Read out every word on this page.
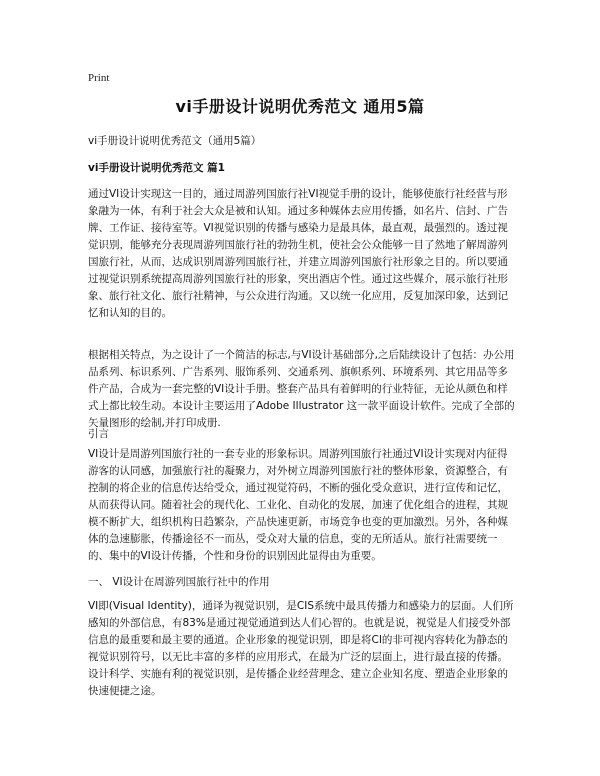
Print
vi手册设计说明优秀范文 通用5篇
vi手册设计说明优秀范文（通用5篇）
vi手册设计说明优秀范文 篇1
通过VI设计实现这一目的，通过周游列国旅行社VI视觉手册的设计，能够使旅行社经营与形象融为一体，有利于社会大众是被和认知。通过多种媒体去应用传播，如名片、信封、广告牌、工作证、接待室等。VI视觉识别的传播与感染力是最具体，最直观，最强烈的。透过视觉识别，能够充分表现周游列国旅行社的勃勃生机，使社会公众能够一目了然地了解周游列国旅行社，从而，达成识别周游列国旅行社，并建立周游列国旅行社形象之目的。所以要通过视觉识别系统提高周游列国旅行社的形象，突出酒店个性。通过这些媒介，展示旅行社形象、旅行社文化、旅行社精神，与公众进行沟通。又以统一化应用，反复加深印象，达到记忆和认知的目的。
根据相关特点，为之设计了一个简洁的标志,与VI设计基础部分,之后陆续设计了包括：办公用品系列、标识系列、广告系列、服饰系列、交通系列、旗帜系列、环境系列、其它用品等多件产品，合成为一套完整的VI设计手册。整套产品具有着鲜明的行业特征，无论从颜色和样式上都比较生动。本设计主要运用了Adobe Illustrator 这一款平面设计软件。完成了全部的矢量图形的绘制,并打印成册.
引言
VI设计是周游列国旅行社的一套专业的形象标识。周游列国旅行社通过VI设计实现对内征得游客的认同感，加强旅行社的凝聚力，对外树立周游列国旅行社的整体形象，资源整合，有控制的将企业的信息传达给受众，通过视觉符码，不断的强化受众意识，进行宣传和记忆，从而获得认同。随着社会的现代化、工业化、自动化的发展，加速了优化组合的进程，其规模不断扩大，组织机构日趋繁杂，产品快速更新，市场竞争也变的更加激烈。另外，各种媒体的急速膨胀，传播途径不一而丛，受众对大量的信息，变的无所适从。旅行社需要统一的、集中的VI设计传播，个性和身份的识别因此显得由为重要。
一、 VI设计在周游列国旅行社中的作用
VI即(Visual Identity)，通译为视觉识别，是CIS系统中最具传播力和感染力的层面。人们所感知的外部信息，有83%是通过视觉通道到达人们心智的。也就是说，视觉是人们接受外部信息的最重要和最主要的通道。企业形象的视觉识别，即是将CI的非可视内容转化为静态的视觉识别符号，以无比丰富的多样的应用形式，在最为广泛的层面上，进行最直接的传播。设计科学、实施有利的视觉识别，是传播企业经营理念、建立企业知名度、塑造企业形象的快速便捷之途。
